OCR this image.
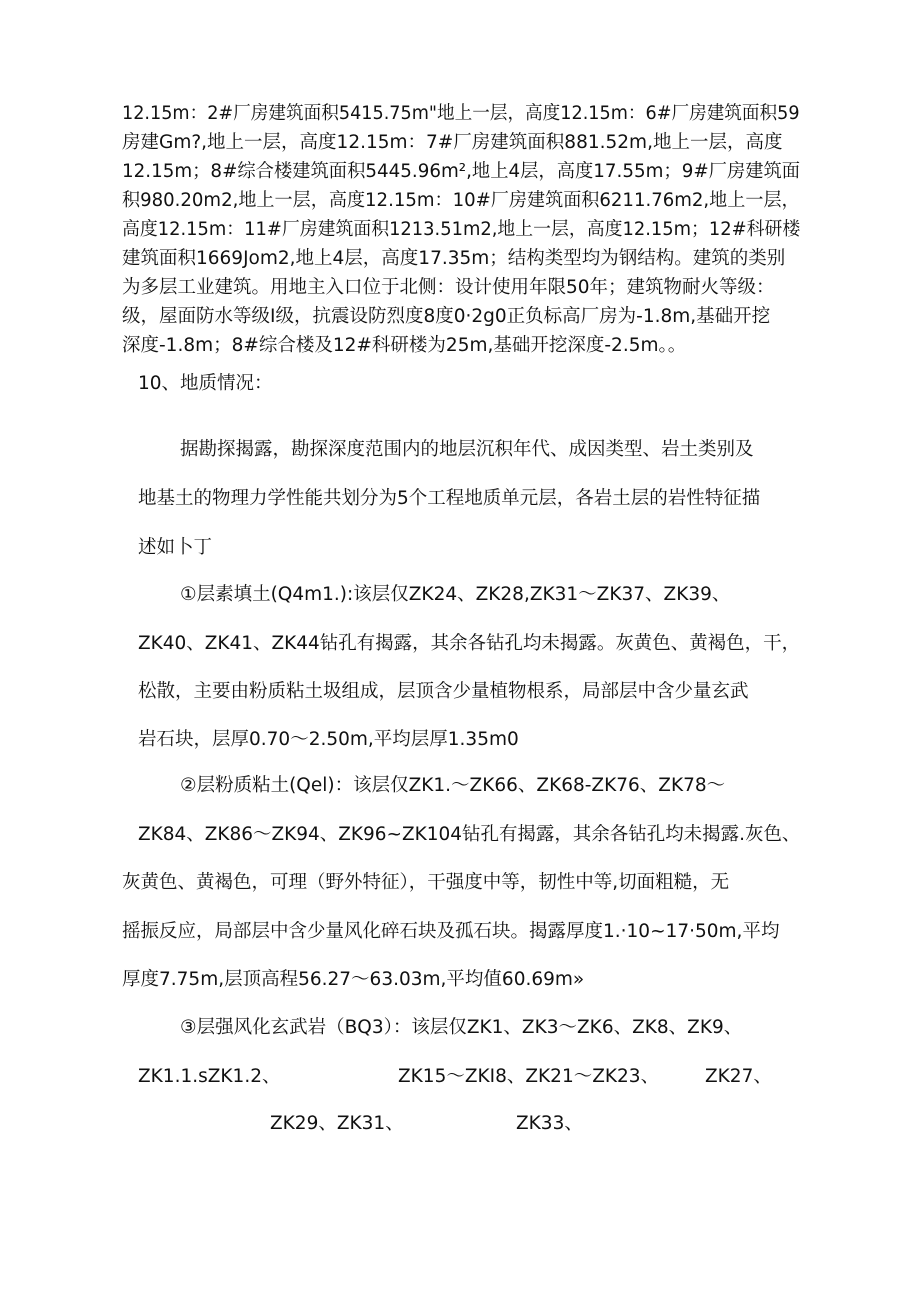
12.15m：2#厂房建筑面积5415.75m"地上一层，高度12.15m：6#厂房建筑面积59
房建Gm?,地上一层，高度12.15m：7#厂房建筑面积881.52m,地上一层，高度
12.15m；8#综合楼建筑面积5445.96m²,地上4层，高度17.55m；9#厂房建筑面
积980.20m2,地上一层，高度12.15m：10#厂房建筑面积6211.76m2,地上一层，
高度12.15m：11#厂房建筑面积1213.51m2,地上一层，高度12.15m；12#科研楼
建筑面积1669Jom2,地上4层，高度17.35m；结构类型均为钢结构。建筑的类别
为多层工业建筑。用地主入口位于北侧：设计使用年限50年；建筑物耐火等级：
级，屋面防水等级I级，抗震设防烈度8度0·2g0正负标高厂房为-1.8m,基础开挖
深度-1.8m；8#综合楼及12#科研楼为25m,基础开挖深度-2.5m。。
10、地质情况：
据勘探揭露，勘探深度范围内的地层沉积年代、成因类型、岩土类别及
地基土的物理力学性能共划分为5个工程地质单元层，各岩土层的岩性特征描
述如卜丁
①层素填土(Q4m1.):该层仅ZK24、ZK28,ZK31～ZK37、ZK39、
ZK40、ZK41、ZK44钻孔有揭露，其余各钻孔均未揭露。灰黄色、黄褐色，干，
松散，主要由粉质粘土圾组成，层顶含少量植物根系，局部层中含少量玄武
岩石块，层厚0.70～2.50m,平均层厚1.35m0
②层粉质粘土(Qel)：该层仅ZK1.～ZK66、ZK68-ZK76、ZK78～
ZK84、ZK86～ZK94、ZK96~ZK104钻孔有揭露，其余各钻孔均未揭露.灰色、
灰黄色、黄褐色，可理（野外特征），干强度中等，韧性中等,切面粗糙，无
摇振反应，局部层中含少量风化碎石块及孤石块。揭露厚度1.·10~17·50m,平均
厚度7.75m,层顶高程56.27～63.03m,平均值60.69m»
③层强风化玄武岩（BQ3）：该层仅ZK1、ZK3～ZK6、ZK8、ZK9、
ZK1.1.sZK1.2、	ZK15～ZKI8、ZK21～ZK23、 ZK27、
ZK29、ZK31、	ZK33、
